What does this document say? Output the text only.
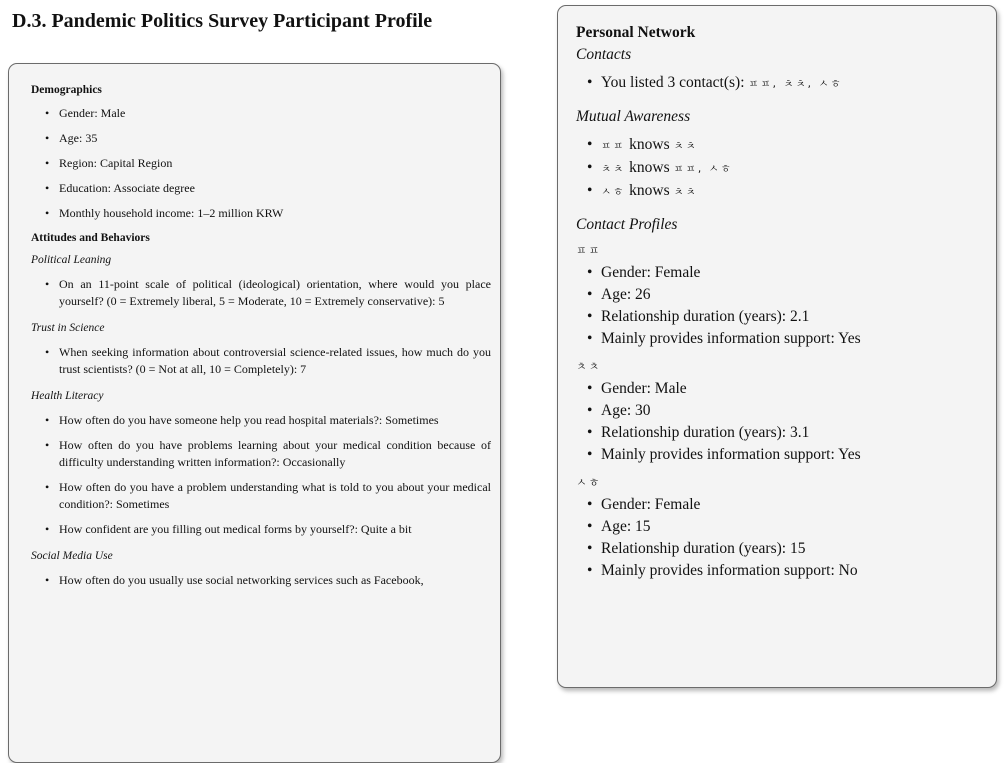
D.3. Pandemic Politics Survey Participant Profile

Demographics

• Gender: Male
• Age: 35
• Region: Capital Region
• Education: Associate degree
• Monthly household income: 1–2 million KRW

Attitudes and Behaviors

Political Leaning

• On an 11-point scale of political (ideological) orientation, where would you place yourself? (0 = Extremely liberal, 5 = Moderate, 10 = Extremely conservative): 5

Trust in Science

• When seeking information about controversial science-related issues, how much do you trust scientists? (0 = Not at all, 10 = Completely): 7

Health Literacy

• How often do you have someone help you read hospital materials?: Sometimes
• How often do you have problems learning about your medical condition because of difficulty understanding written information?: Occasionally
• How often do you have a problem understanding what is told to you about your medical condition?: Sometimes
• How confident are you filling out medical forms by yourself?: Quite a bit

Social Media Use

• How often do you usually use social networking services such as Facebook,

Personal Network

Contacts

• You listed 3 contact(s): ㅍㅍ, ㅊㅊ, ㅅㅎ

Mutual Awareness

• ㅍㅍ knows ㅊㅊ
• ㅊㅊ knows ㅍㅍ, ㅅㅎ
• ㅅㅎ knows ㅊㅊ

Contact Profiles

ㅍㅍ

• Gender: Female
• Age: 26
• Relationship duration (years): 2.1
• Mainly provides information support: Yes

ㅊㅊ

• Gender: Male
• Age: 30
• Relationship duration (years): 3.1
• Mainly provides information support: Yes

ㅅㅎ

• Gender: Female
• Age: 15
• Relationship duration (years): 15
• Mainly provides information support: No
